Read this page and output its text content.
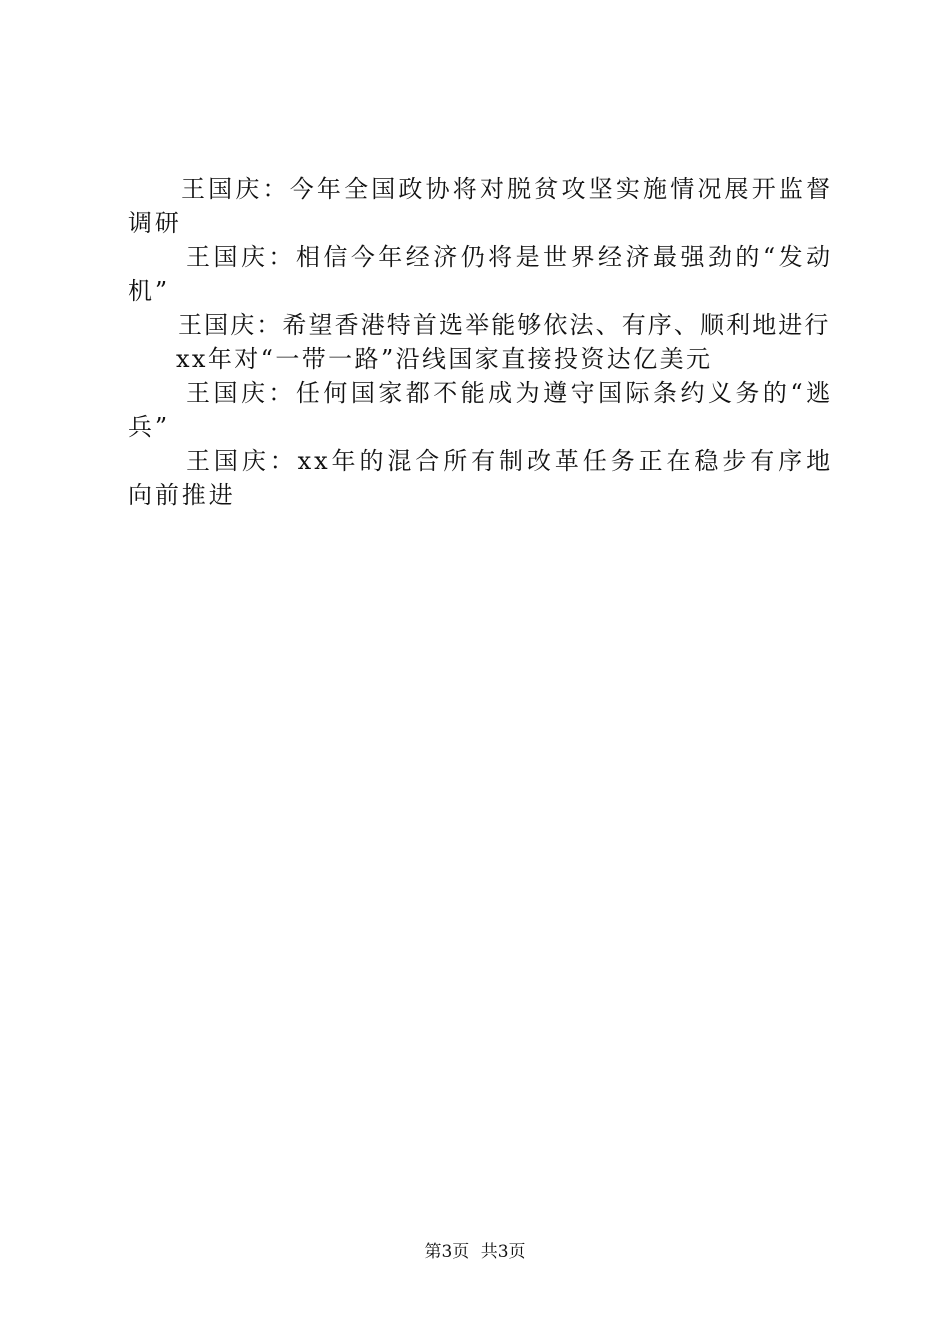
王国庆：今年全国政协将对脱贫攻坚实施情况展开监督调研

王国庆：相信今年经济仍将是世界经济最强劲的“发动机”

王国庆：希望香港特首选举能够依法、有序、顺利地进行

xx年对“一带一路”沿线国家直接投资达亿美元

王国庆：任何国家都不能成为遵守国际条约义务的“逃兵”

王国庆：xx年的混合所有制改革任务正在稳步有序地向前推进

第3页 共3页
